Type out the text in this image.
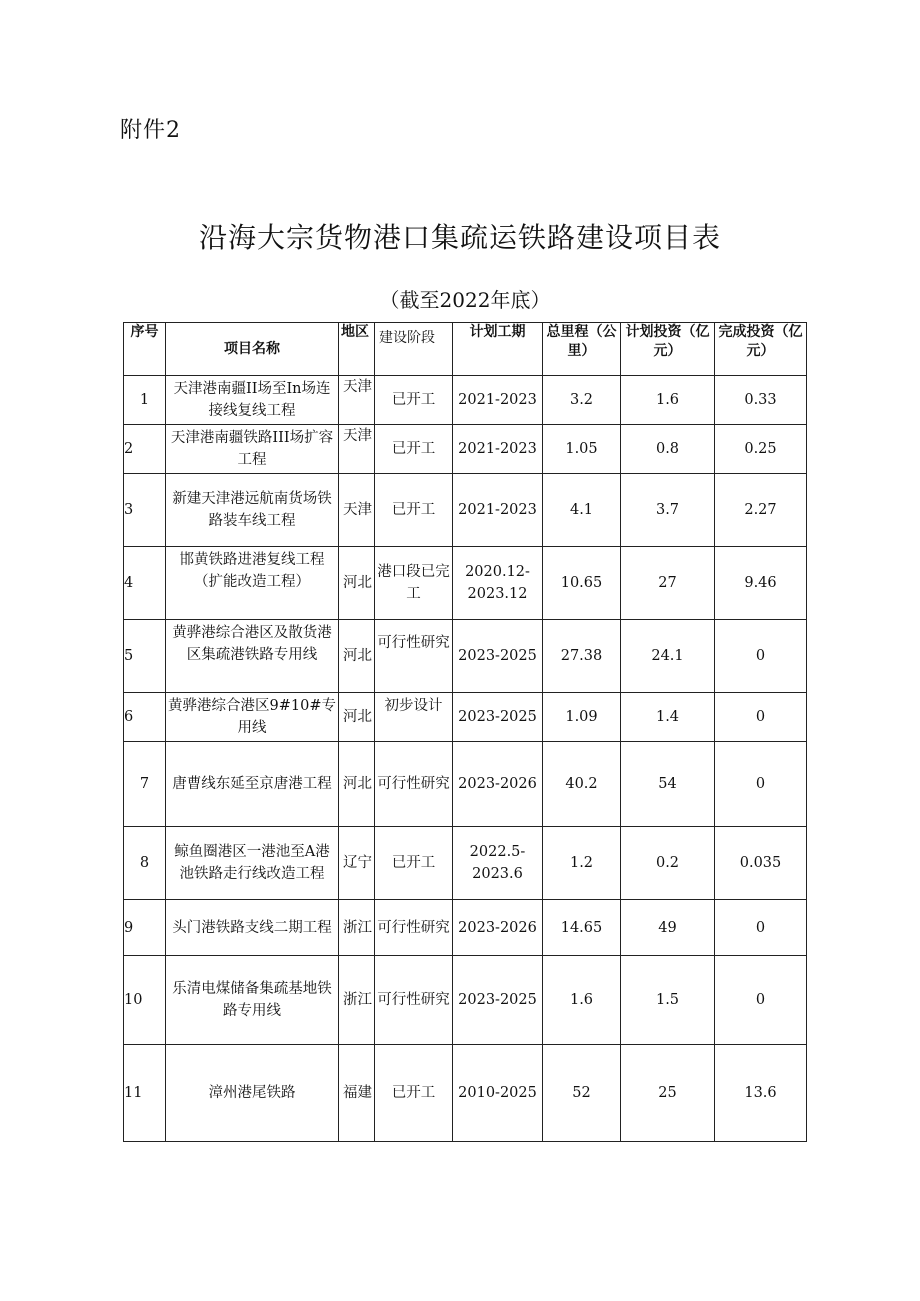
附件2
沿海大宗货物港口集疏运铁路建设项目表
（截至2022年底）
序号	项目名称	地区	建设阶段	计划工期	总里程（公里）	计划投资（亿元）	完成投资（亿元）
1	天津港南疆II场至In场连接线复线工程	天津	已开工	2021-2023	3.2	1.6	0.33
2	天津港南疆铁路III场扩容工程	天津	已开工	2021-2023	1.05	0.8	0.25
3	新建天津港远航南货场铁路装车线工程	天津	已开工	2021-2023	4.1	3.7	2.27
4	邯黄铁路进港复线工程（扩能改造工程）	河北	港口段已完工	2020.12-2023.12	10.65	27	9.46
5	黄骅港综合港区及散货港区集疏港铁路专用线	河北	可行性研究	2023-2025	27.38	24.1	0
6	黄骅港综合港区9#10#专用线	河北	初步设计	2023-2025	1.09	1.4	0
7	唐曹线东延至京唐港工程	河北	可行性研究	2023-2026	40.2	54	0
8	鲸鱼圈港区一港池至A港池铁路走行线改造工程	辽宁	已开工	2022.5-2023.6	1.2	0.2	0.035
9	头门港铁路支线二期工程	浙江	可行性研究	2023-2026	14.65	49	0
10	乐清电煤储备集疏基地铁路专用线	浙江	可行性研究	2023-2025	1.6	1.5	0
11	漳州港尾铁路	福建	已开工	2010-2025	52	25	13.6
